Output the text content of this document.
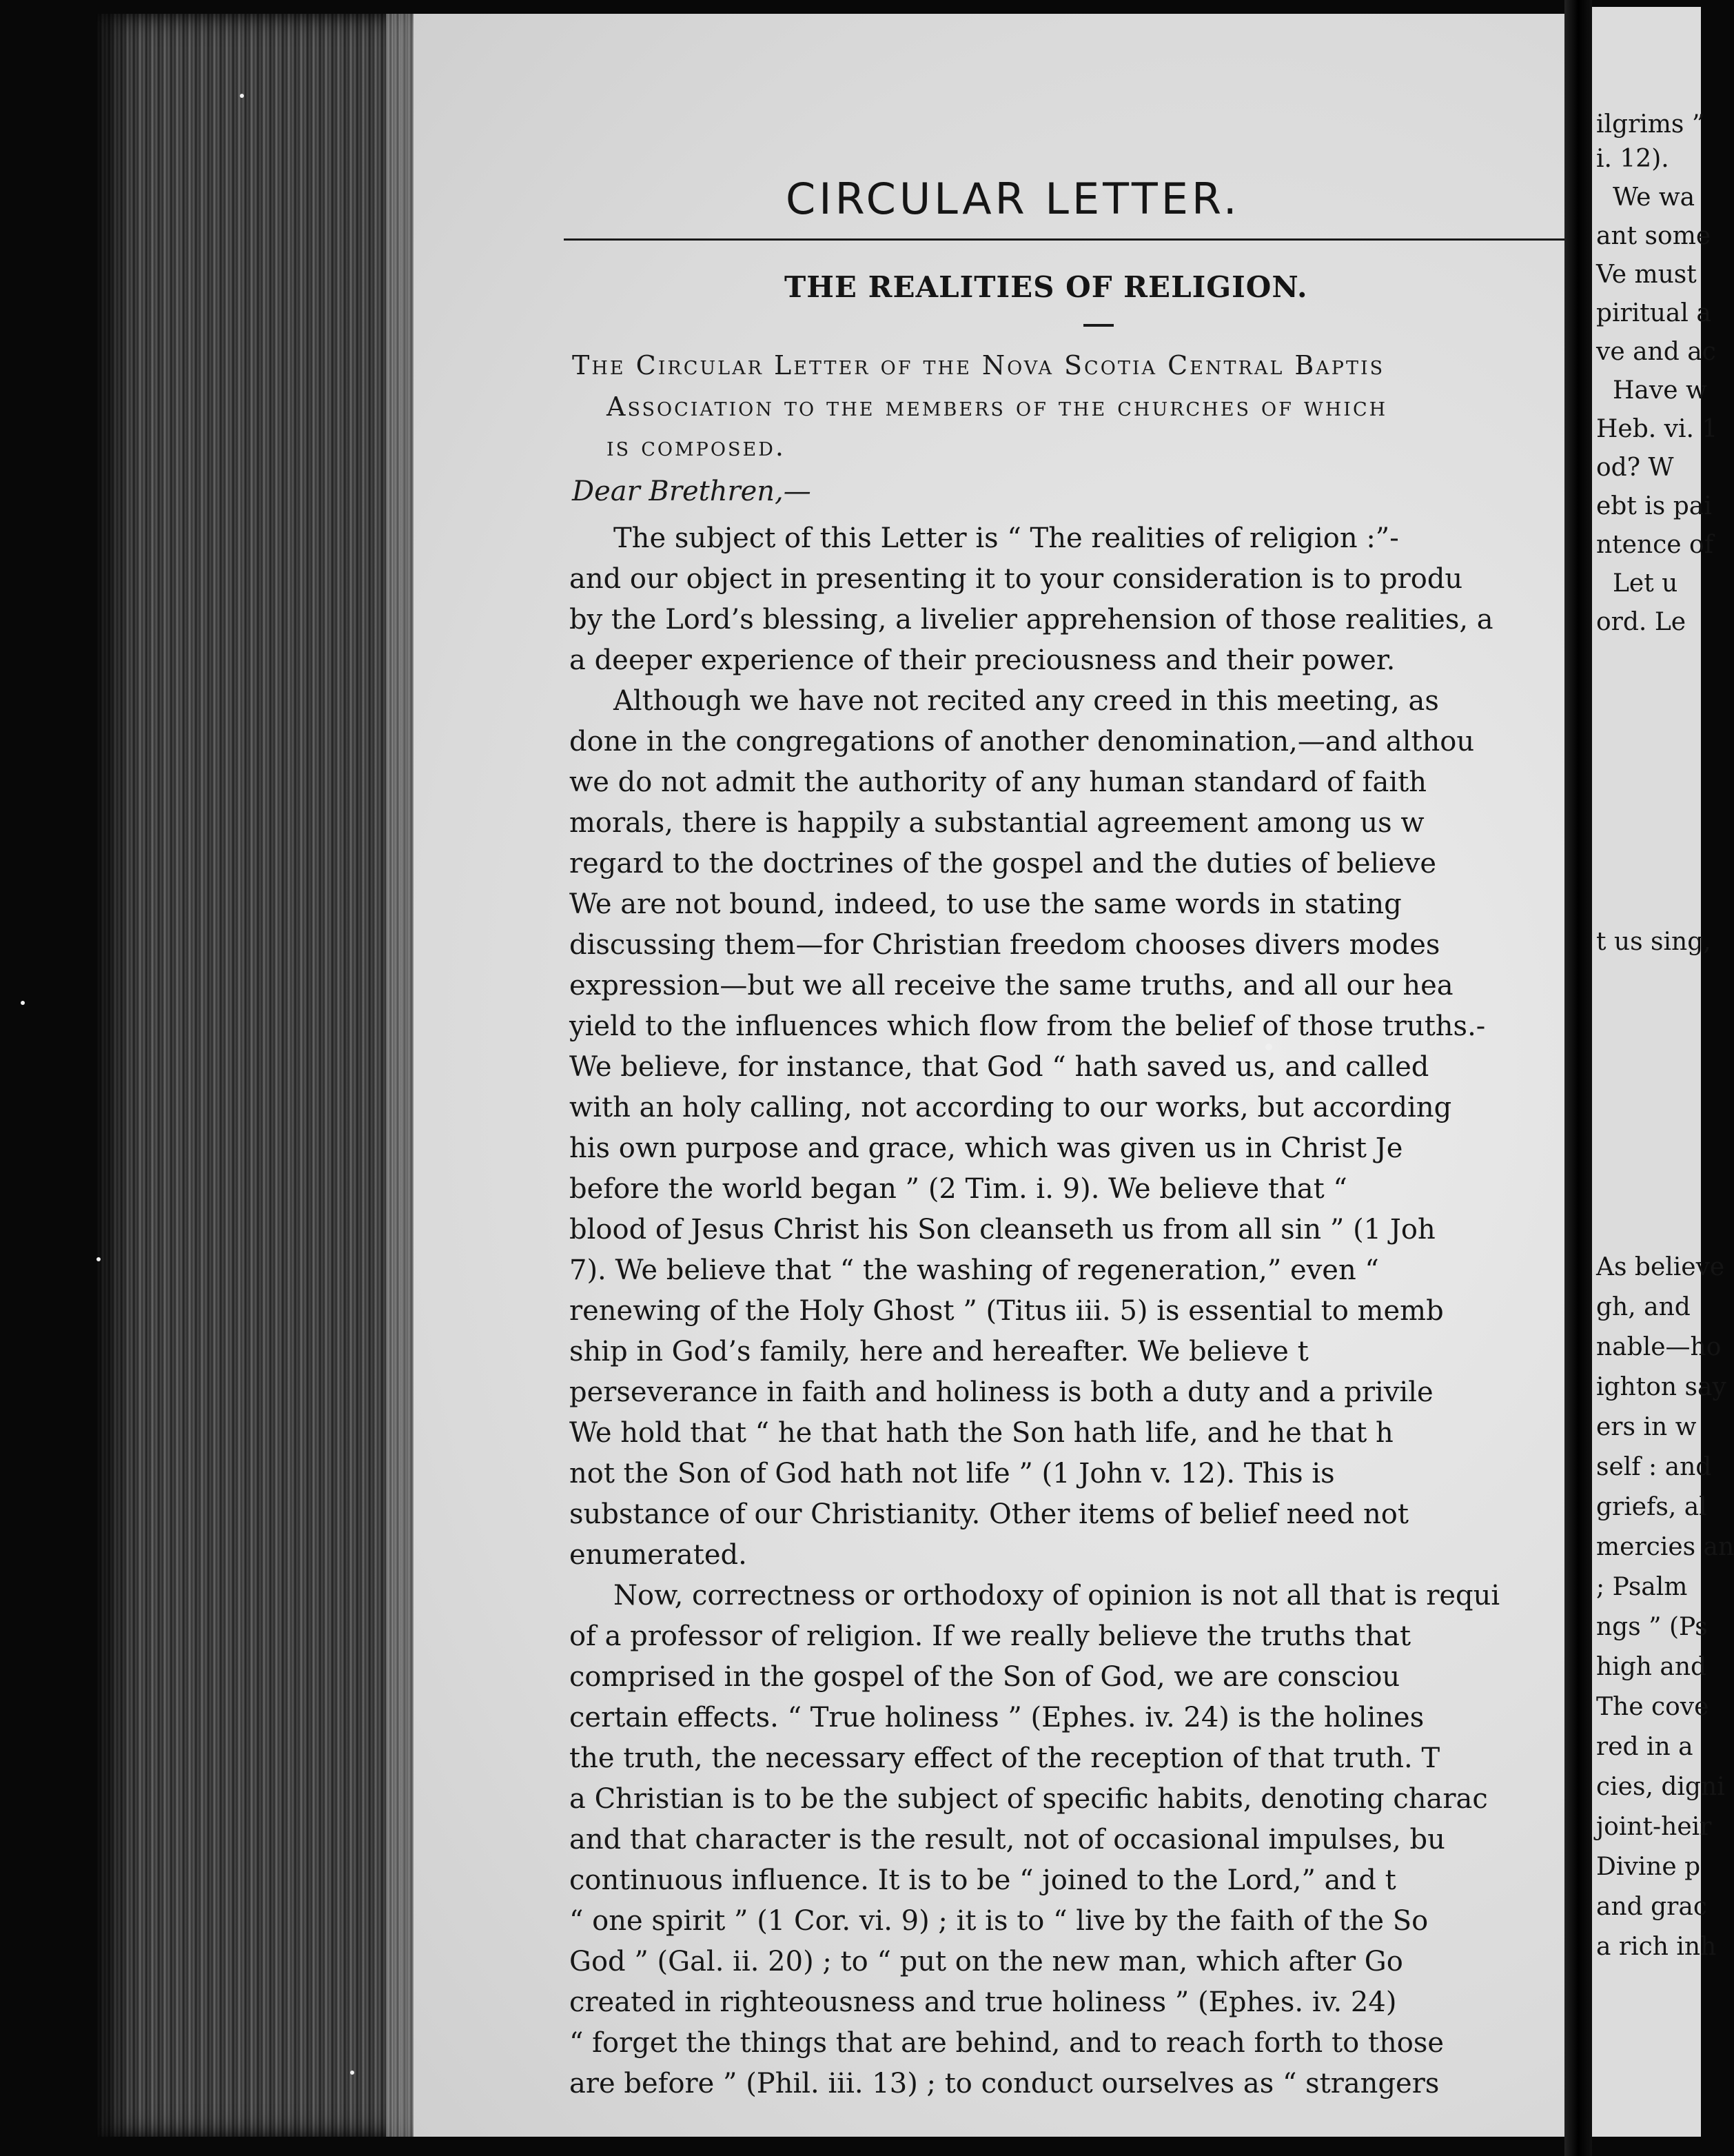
CIRCULAR LETTER.
THE REALITIES OF RELIGION.

The Circular Letter of the Nova Scotia Central Baptis

Association to the members of the churches of which

is composed.

Dear Brethren,—

The subject of this Letter is “ The realities of religion :”-
and our object in presenting it to your consideration is to produ
by the Lord’s blessing, a livelier apprehension of those realities, a
a deeper experience of their preciousness and their power.
Although we have not recited any creed in this meeting, as
done in the congregations of another denomination,—and althou
we do not admit the authority of any human standard of faith
morals, there is happily a substantial agreement among us w
regard to the doctrines of the gospel and the duties of believe
We are not bound, indeed, to use the same words in stating
discussing them—for Christian freedom chooses divers modes
expression—but we all receive the same truths, and all our hea
yield to the influences which flow from the belief of those truths.-
We believe, for instance, that God “ hath saved us, and called
with an holy calling, not according to our works, but according
his own purpose and grace, which was given us in Christ Je
before the world began ” (2 Tim. i. 9). We believe that “
blood of Jesus Christ his Son cleanseth us from all sin ” (1 Joh
7). We believe that “ the washing of regeneration,” even “
renewing of the Holy Ghost ” (Titus iii. 5) is essential to memb
ship in God’s family, here and hereafter. We believe t
perseverance in faith and holiness is both a duty and a privile
We hold that “ he that hath the Son hath life, and he that h
not the Son of God hath not life ” (1 John v. 12). This is
substance of our Christianity. Other items of belief need not
enumerated.
Now, correctness or orthodoxy of opinion is not all that is requi
of a professor of religion. If we really believe the truths that
comprised in the gospel of the Son of God, we are consciou
certain effects. “ True holiness ” (Ephes. iv. 24) is the holines
the truth, the necessary effect of the reception of that truth. T
a Christian is to be the subject of specific habits, denoting charac
and that character is the result, not of occasional impulses, bu
continuous influence. It is to be “ joined to the Lord,” and t
“ one spirit ” (1 Cor. vi. 9) ; it is to “ live by the faith of the So
God ” (Gal. ii. 20) ; to “ put on the new man, which after Go
created in righteousness and true holiness ” (Ephes. iv. 24)
“ forget the things that are behind, and to reach forth to those
are before ” (Phil. iii. 13) ; to conduct ourselves as “ strangers
ilgrims ”
i. 12).
We wa
ant some
Ve must
piritual a
ve and ac
Have w
Heb. vi. 1
od? W
ebt is pai
ntence of
Let u
ord. Le
t us sing,
As believe
gh, and
nable—ho
ighton say
ers in w
self : and
griefs, al
mercies an
; Psalm
ngs ” (Ps
high and
The cove
red in a
cies, digni
joint-heir
Divine p
and grac
a rich inh
